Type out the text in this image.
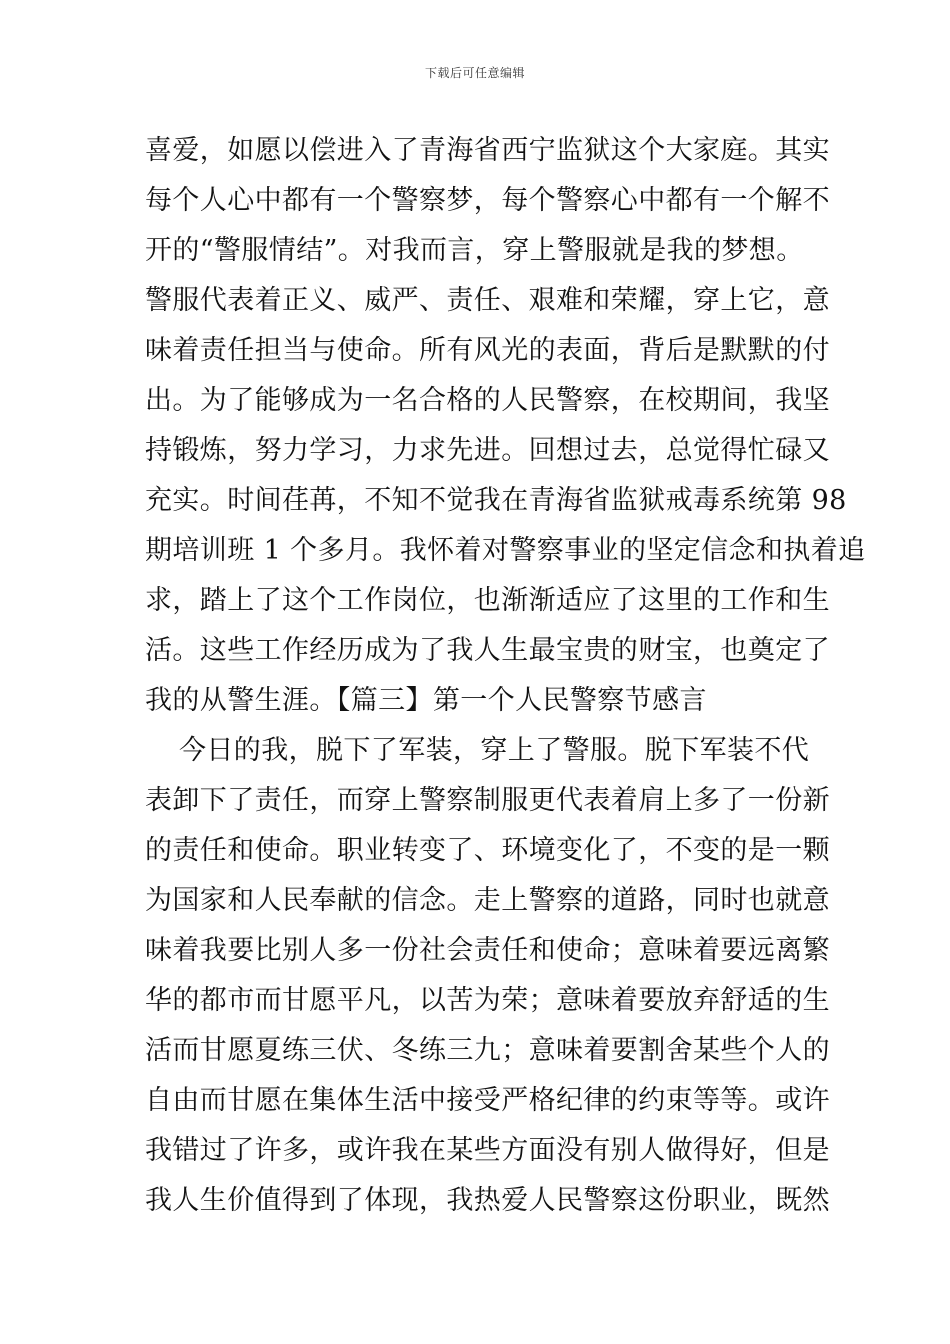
下载后可任意编辑
喜爱，如愿以偿进入了青海省西宁监狱这个大家庭。其实
每个人心中都有一个警察梦，每个警察心中都有一个解不
开的“警服情结”。对我而言，穿上警服就是我的梦想。
警服代表着正义、威严、责任、艰难和荣耀，穿上它，意
味着责任担当与使命。所有风光的表面，背后是默默的付
出。为了能够成为一名合格的人民警察，在校期间，我坚
持锻炼，努力学习，力求先进。回想过去，总觉得忙碌又
充实。时间荏苒，不知不觉我在青海省监狱戒毒系统第 98
期培训班 1 个多月。我怀着对警察事业的坚定信念和执着追
求，踏上了这个工作岗位，也渐渐适应了这里的工作和生
活。这些工作经历成为了我人生最宝贵的财宝，也奠定了
我的从警生涯。【篇三】第一个人民警察节感言
今日的我，脱下了军装，穿上了警服。脱下军装不代
表卸下了责任，而穿上警察制服更代表着肩上多了一份新
的责任和使命。职业转变了、环境变化了，不变的是一颗
为国家和人民奉献的信念。走上警察的道路，同时也就意
味着我要比别人多一份社会责任和使命；意味着要远离繁
华的都市而甘愿平凡，以苦为荣；意味着要放弃舒适的生
活而甘愿夏练三伏、冬练三九；意味着要割舍某些个人的
自由而甘愿在集体生活中接受严格纪律的约束等等。或许
我错过了许多，或许我在某些方面没有别人做得好，但是
我人生价值得到了体现，我热爱人民警察这份职业，既然
